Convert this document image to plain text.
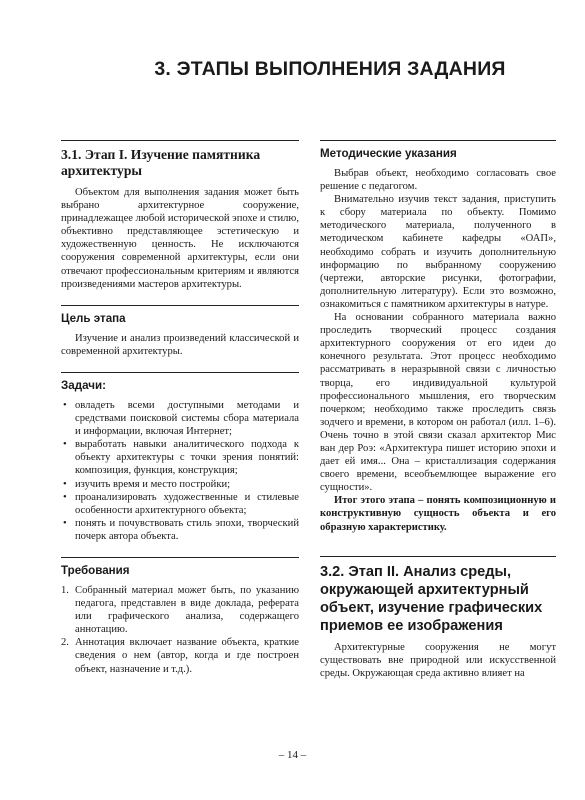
3. ЭТАПЫ ВЫПОЛНЕНИЯ ЗАДАНИЯ
3.1. Этап I. Изучение памятника архитектуры

Объектом для выполнения задания может быть выбрано архитектурное сооружение, принадлежащее любой исторической эпохе и стилю, объективно представляющее эстетическую и художественную ценность. Не исключаются сооружения современной архитектуры, если они отвечают профессиональным критериям и являются произведениями мастеров архитектуры.

Цель этапа

Изучение и анализ произведений классической и современной архитектуры.

Задачи:
• овладеть всеми доступными методами и средствами поисковой системы сбора материала и информации, включая Интернет;
• выработать навыки аналитического подхода к объекту архитектуры с точки зрения понятий: композиция, функция, конструкция;
• изучить время и место постройки;
• проанализировать художественные и стилевые особенности архитектурного объекта;
• понять и почувствовать стиль эпохи, творческий почерк автора объекта.
Требования
1. Собранный материал может быть, по указанию педагога, представлен в виде доклада, реферата или графического анализа, содержащего аннотацию.
2. Аннотация включает название объекта, краткие сведения о нем (автор, когда и где построен объект, назначение и т.д.).
Методические указания

Выбрав объект, необходимо согласовать свое решение с педагогом.

Внимательно изучив текст задания, приступить к сбору материала по объекту. Помимо методического материала, полученного в методическом кабинете кафедры «ОАП», необходимо собрать и изучить дополнительную информацию по выбранному сооружению (чертежи, авторские рисунки, фотографии, дополнительную литературу). Если это возможно, ознакомиться с памятником архитектуры в натуре.

На основании собранного материала важно проследить творческий процесс создания архитектурного сооружения от его идеи до конечного результата. Этот процесс необходимо рассматривать в неразрывной связи с личностью творца, его индивидуальной культурой профессионального мышления, его творческим почерком; необходимо также проследить связь зодчего и времени, в котором он работал (илл. 1–6). Очень точно в этой связи сказал архитектор Мис ван дер Роэ: «Архитектура пишет историю эпохи и дает ей имя... Она – кристаллизация содержания своего времени, всеобъемлющее выражение его сущности».

Итог этого этапа – понять композиционную и конструктивную сущность объекта и его образную характеристику.

3.2. Этап II. Анализ среды, окружающей архитектурный объект, изучение графических приемов ее изображения

Архитектурные сооружения не могут существовать вне природной или искусственной среды. Окружающая среда активно влияет на

– 14 –
